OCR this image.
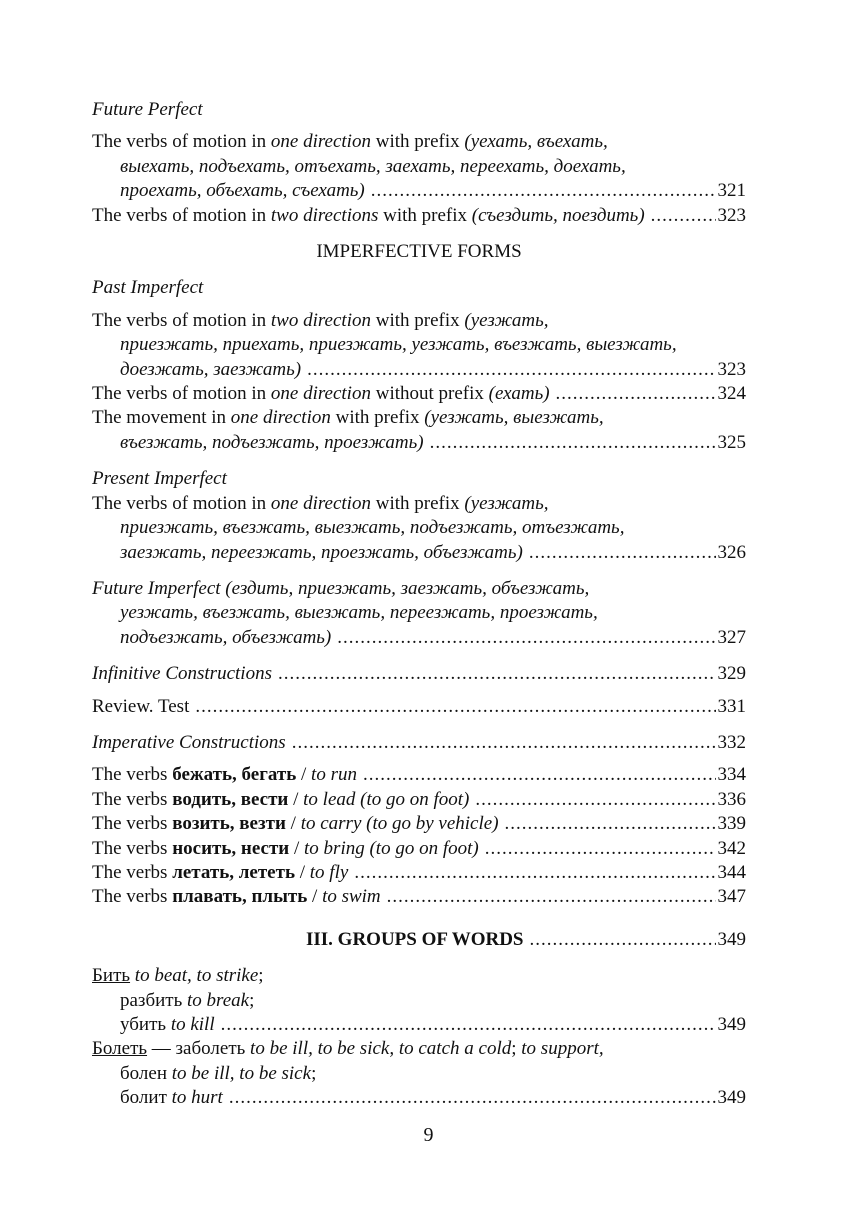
Future Perfect
The verbs of motion in one direction with prefix (уехать, въехать,
выехать, подъехать, отъехать, заехать, переехать, доехать,
проехать, объехать, съехать) .....	321
The verbs of motion in two directions with prefix (съездить, поездить) .....	323
IMPERFECTIVE FORMS
Past Imperfect
The verbs of motion in two direction with prefix (уезжать,
приезжать, приехать, приезжать, уезжать, въезжать, выезжать,
доезжать, заезжать) .....	323
The verbs of motion in one direction without prefix (ехать) .....	324
The movement in one direction with prefix (уезжать, выезжать,
въезжать, подъезжать, проезжать) .....	325
Present Imperfect
The verbs of motion in one direction with prefix (уезжать,
приезжать, въезжать, выезжать, подъезжать, отъезжать,
заезжать, переезжать, проезжать, объезжать) .....	326
Future Imperfect (ездить, приезжать, заезжать, объезжать,
уезжать, въезжать, выезжать, переезжать, проезжать,
подъезжать, объезжать) .....	327
Infinitive Constructions .....	329
Review. Test .....	331
Imperative Constructions .....	332
The verbs бежать, бегать / to run .....	334
The verbs водить, вести / to lead (to go on foot) .....	336
The verbs возить, везти / to carry (to go by vehicle) .....	339
The verbs носить, нести / to bring (to go on foot) .....	342
The verbs летать, лететь / to fly .....	344
The verbs плавать, плыть / to swim .....	347
III. GROUPS OF WORDS .....	349
Бить to beat, to strike;
разбить to break;
убить to kill .....	349
Болеть — заболеть to be ill, to be sick, to catch a cold; to support,
болен to be ill, to be sick;
болит to hurt .....	349
9
